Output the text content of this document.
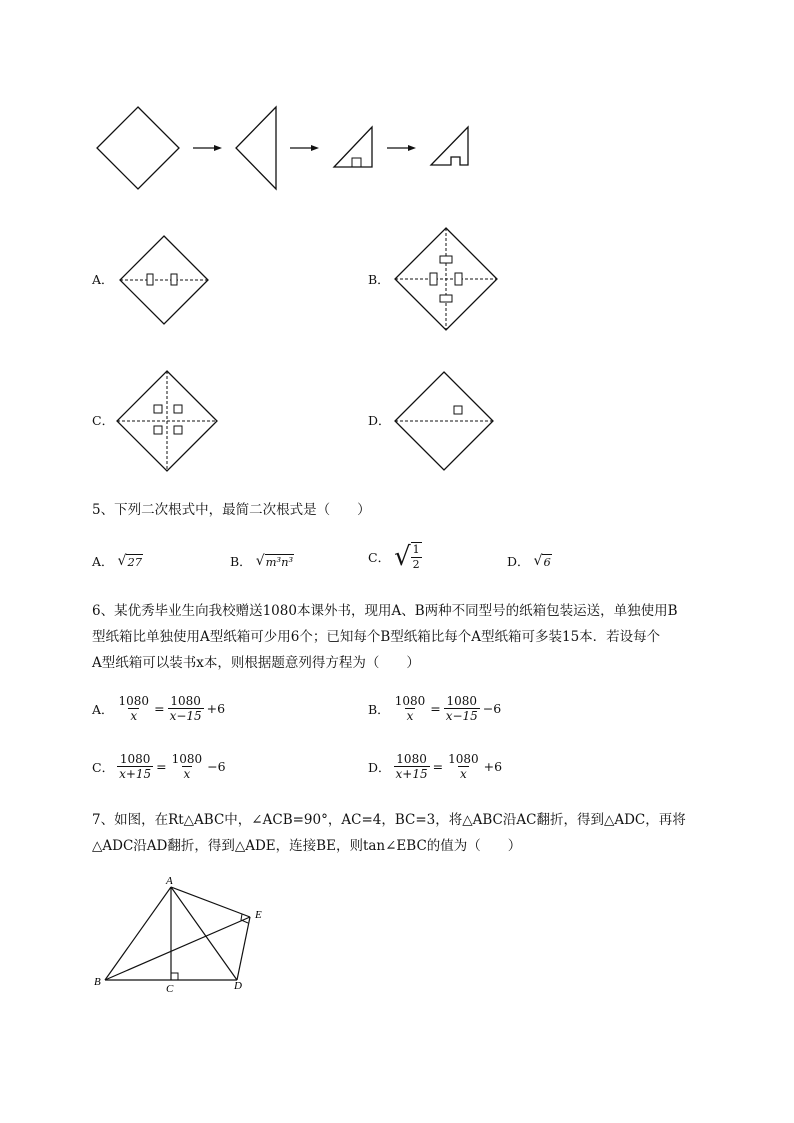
A．	B．
C．	D．
5、下列二次根式中，最简二次根式是（　　）
A． √ 27	B． √ m³n³	C． √ $\frac{1}{2}$	D． √ 6
6、某优秀毕业生向我校赠送1080本课外书，现用A、B两种不同型号的纸箱包装运送，单独使用B
型纸箱比单独使用A型纸箱可少用6个；已知每个B型纸箱比每个A型纸箱可多装15本．若设每个
A型纸箱可以装书x本，则根据题意列得方程为（　　）
A． $\frac{1080}{x} = \frac{1080}{x-15} +6$	B． $\frac{1080}{x} = \frac{1080}{x-15} -6$
C． $\frac{1080}{x+15} = \frac{1080}{x} -6$	D． $\frac{1080}{x+15} = \frac{1080}{x} +6$
7、如图，在Rt△ABC中，∠ACB=90°，AC=4，BC=3，将△ABC沿AC翻折，得到△ADC，再将
△ADC沿AD翻折，得到△ADE，连接BE，则tan∠EBC的值为（　　）
A
B
C	D
E
